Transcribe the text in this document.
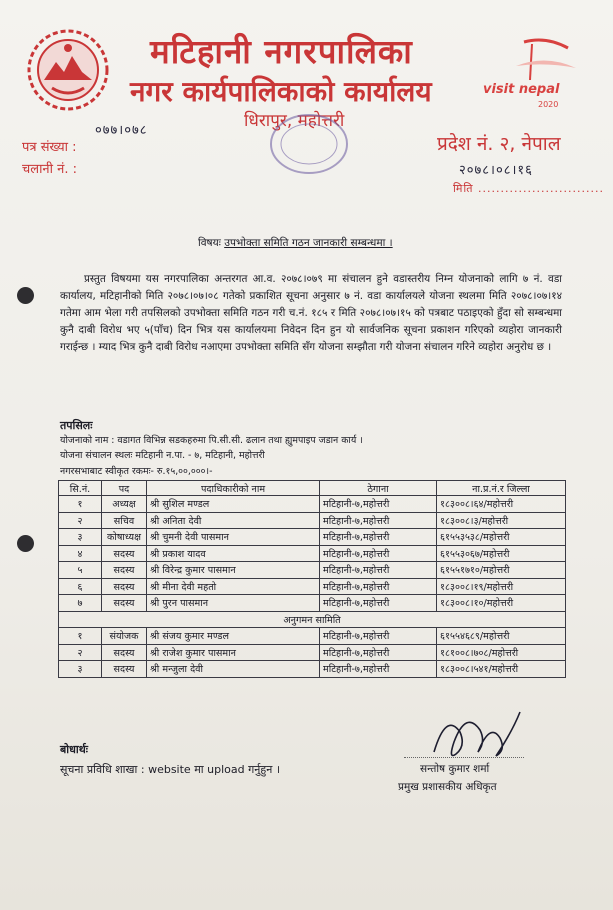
मटिहानी नगरपालिका
नगर कार्यपालिकाको कार्यालय
धिरापुर, महोत्तरी
visit nepal
2020
पत्र संख्या :
०७७।०७८
चलानी नं. :
प्रदेश नं. २, नेपाल
२०७८।०८।१६
मिति ............................
विषयः उपभोक्ता समिति गठन जानकारी सम्बन्धमा ।
प्रस्तुत विषयमा यस नगरपालिका अन्तरगत आ.व. २०७८।०७९ मा संचालन हुने वडास्तरीय निम्न योजनाको लागि ७ नं. वडा कार्यालय, मटिहानीको मिति २०७८।०७।०८ गतेको प्रकाशित सूचना अनुसार ७ नं. वडा कार्यालयले योजना स्थलमा मिति २०७८।०७।१४ गतेमा आम भेला गरी तपसिलको उपभोक्ता समिति गठन गरी च.नं. १८५ र मिति २०७८।०७।१५ को पत्रबाट पठाइएको हुँदा सो सम्बन्धमा कुनै दाबी विरोध भए ५(पाँच) दिन भित्र यस कार्यालयमा निवेदन दिन हुन यो सार्वजनिक सूचना प्रकाशन गरिएको व्यहोरा जानकारी गराईन्छ । म्याद भित्र कुनै दाबी विरोध नआएमा उपभोक्ता समिति सँग योजना सम्झौता गरी योजना संचालन गरिने व्यहोरा अनुरोध छ ।
तपसिलः
योजनाको नाम : वडागत विभिन्न सडकहरुमा पि.सी.सी. ढलान तथा ह्युमपाइप जडान कार्य ।
योजना संचालन स्थलः मटिहानी न.पा. - ७, मटिहानी, महोत्तरी
नगरसभाबाट स्वीकृत रकमः- रु.१५,००,०००।-
सि.नं.	पद	पदाधिकारीको नाम	ठेगाना	ना.प्र.नं.र जिल्ला
१	अध्यक्ष	श्री सुशिल मण्डल	मटिहानी-७,महोत्तरी	१८३००८।६४/महोत्तरी
२	सचिव	श्री अनिता देवी	मटिहानी-७,महोत्तरी	१८३००८।३/महोत्तरी
३	कोषाध्यक्ष	श्री चुमनी देवी पासमान	मटिहानी-७,महोत्तरी	६१५५३५३८/महोत्तरी
४	सदस्य	श्री प्रकाश यादव	मटिहानी-७,महोत्तरी	६१५५३०६७/महोत्तरी
५	सदस्य	श्री विरेन्द्र कुमार पासमान	मटिहानी-७,महोत्तरी	६१५५१७१०/महोत्तरी
६	सदस्य	श्री मीना देवी महतो	मटिहानी-७,महोत्तरी	१८३००८।१९/महोत्तरी
७	सदस्य	श्री पुरन पासमान	मटिहानी-७,महोत्तरी	१८३००८।१०/महोत्तरी
अनुगमन सामिति				
१	संयोजक	श्री संजय कुमार मण्डल	मटिहानी-७,महोत्तरी	६१५५४६८९/महोत्तरी
२	सदस्य	श्री राजेश कुमार पासमान	मटिहानी-७,महोत्तरी	१८१००८।७०८/महोत्तरी
३	सदस्य	श्री मन्जुला देवी	मटिहानी-७,महोत्तरी	१८३००८।५४१/महोत्तरी
बोधार्थः
सूचना प्रविधि शाखा : website मा upload गर्नुहुन ।	सन्तोष कुमार शर्मा
प्रमुख प्रशासकीय अधिकृत
